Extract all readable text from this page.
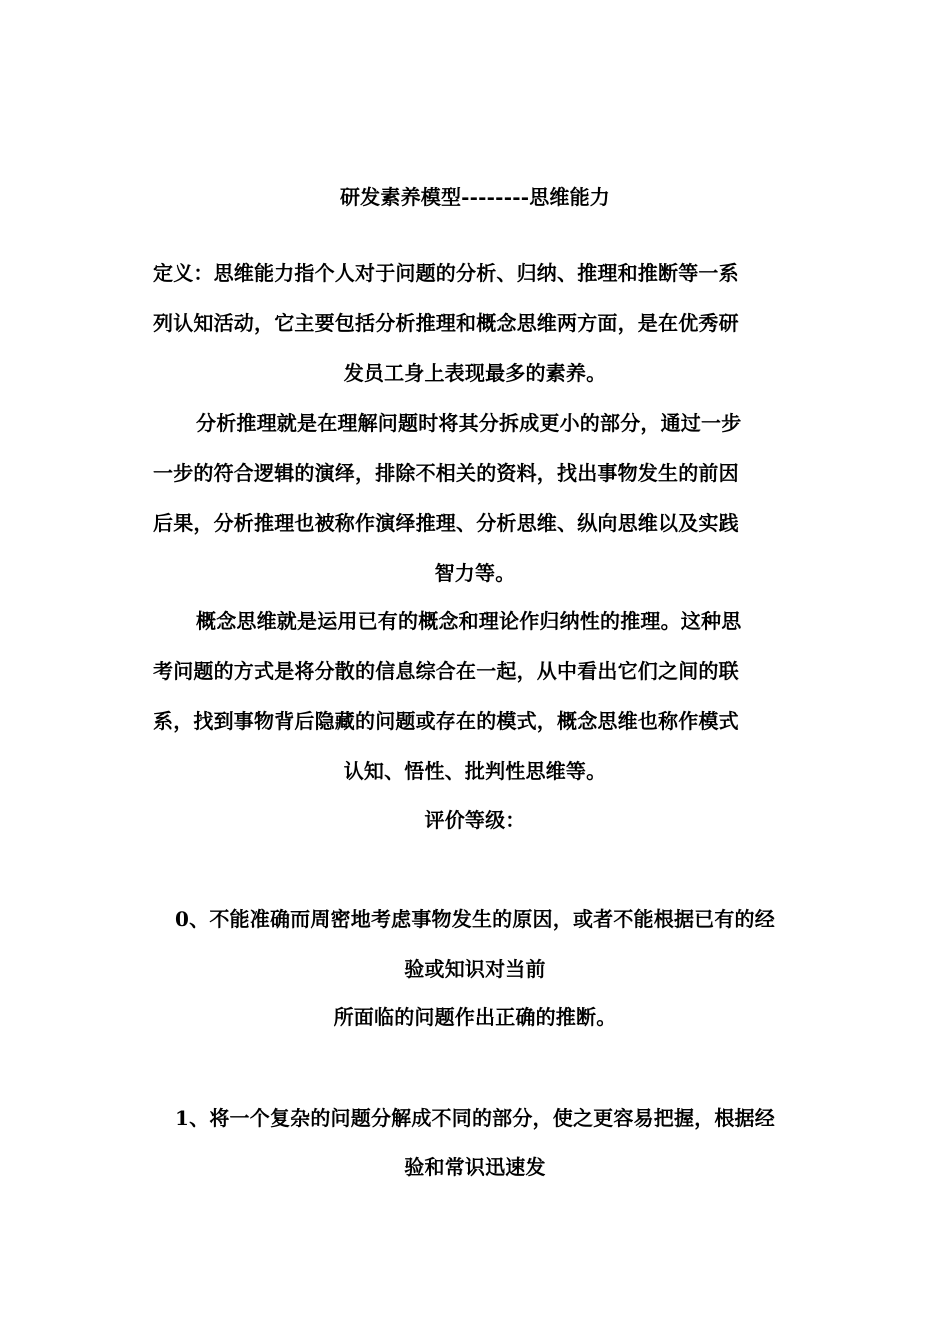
研发素养模型--------思维能力
定义：思维能力指个人对于问题的分析、归纳、推理和推断等一系
列认知活动，它主要包括分析推理和概念思维两方面，是在优秀研
发员工身上表现最多的素养。
分析推理就是在理解问题时将其分拆成更小的部分，通过一步
一步的符合逻辑的演绎，排除不相关的资料，找出事物发生的前因
后果，分析推理也被称作演绎推理、分析思维、纵向思维以及实践
智力等。
概念思维就是运用已有的概念和理论作归纳性的推理。这种思
考问题的方式是将分散的信息综合在一起，从中看出它们之间的联
系，找到事物背后隐藏的问题或存在的模式，概念思维也称作模式
认知、悟性、批判性思维等。
评价等级：
0、不能准确而周密地考虑事物发生的原因，或者不能根据已有的经
验或知识对当前
所面临的问题作出正确的推断。
1、将一个复杂的问题分解成不同的部分，使之更容易把握，根据经
验和常识迅速发
